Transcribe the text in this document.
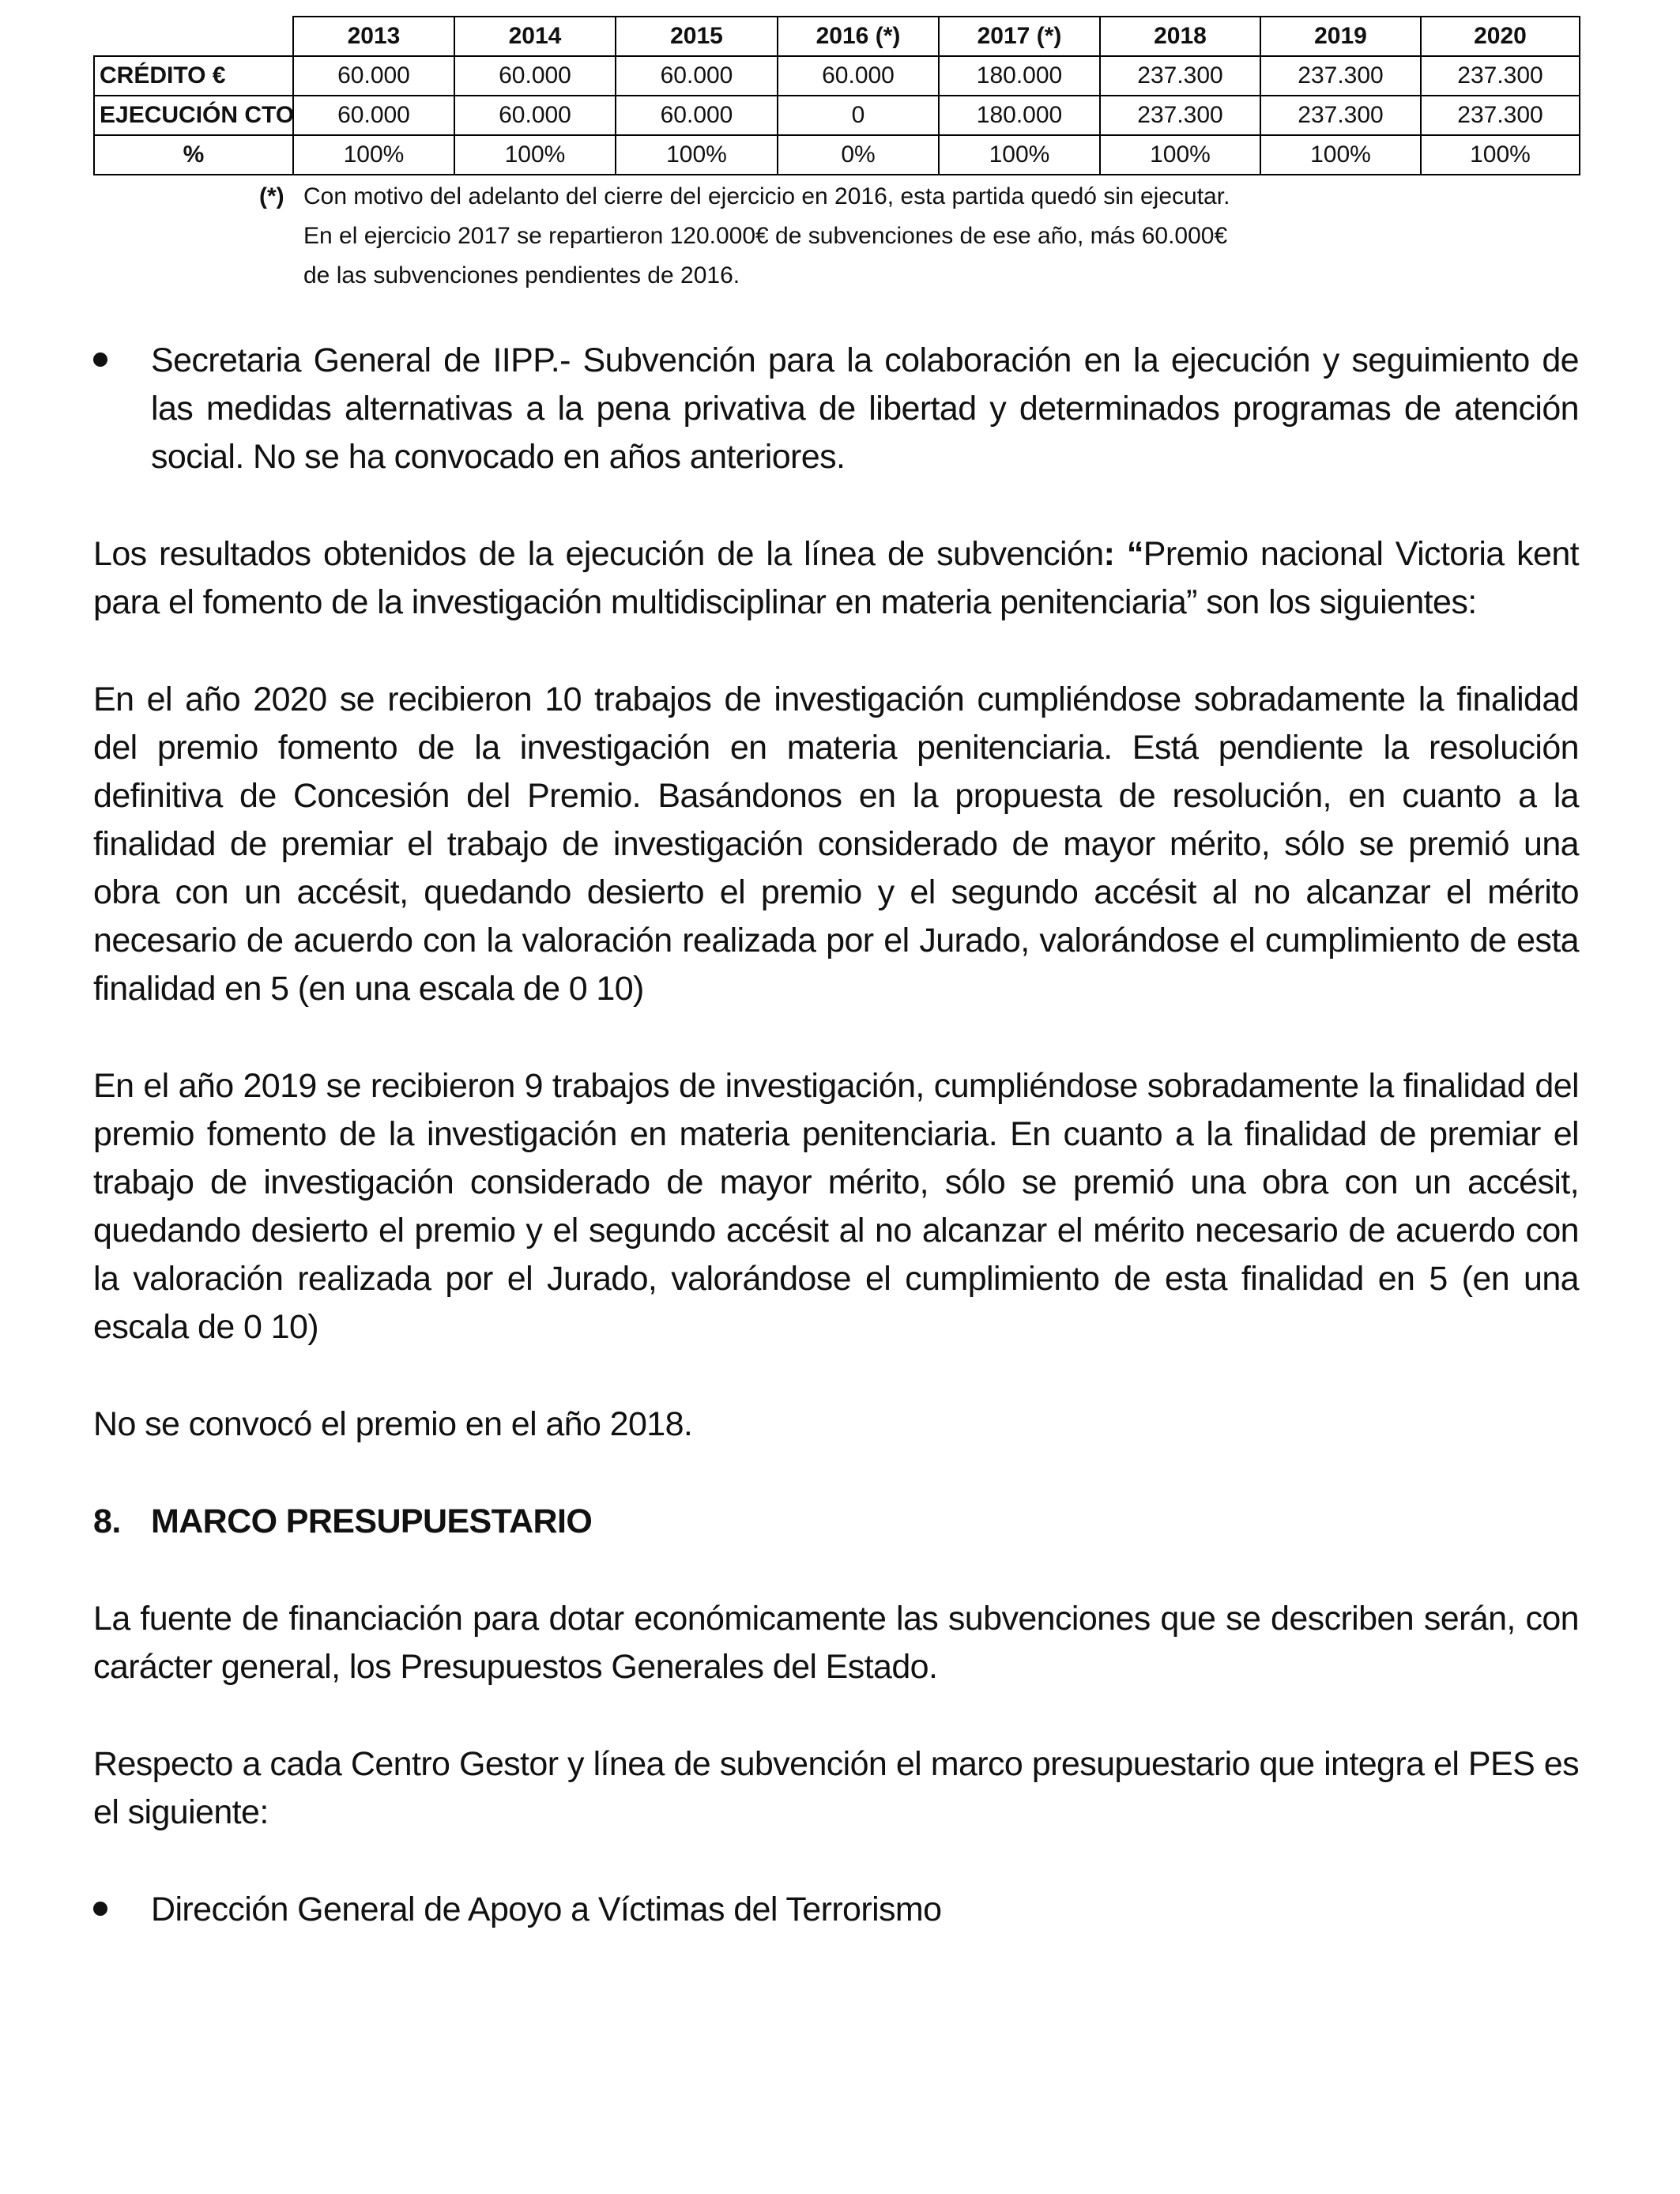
	2013	2014	2015	2016 (*)	2017 (*)	2018	2019	2020
CRÉDITO €	60.000	60.000	60.000	60.000	180.000	237.300	237.300	237.300
EJECUCIÓN CTO	60.000	60.000	60.000	0	180.000	237.300	237.300	237.300
%	100%	100%	100%	0%	100%	100%	100%	100%
(*) Con motivo del adelanto del cierre del ejercicio en 2016, esta partida quedó sin ejecutar.
En el ejercicio 2017 se repartieron 120.000€ de subvenciones de ese año, más 60.000€
de las subvenciones pendientes de 2016.

Secretaria General de IIPP.- Subvención para la colaboración en la ejecución y seguimiento de las medidas alternativas a la pena privativa de libertad y determinados programas de atención social. No se ha convocado en años anteriores.

Los resultados obtenidos de la ejecución de la línea de subvención: “Premio nacional Victoria kent para el fomento de la investigación multidisciplinar en materia penitenciaria” son los siguientes:

En el año 2020 se recibieron 10 trabajos de investigación cumpliéndose sobradamente la finalidad del premio fomento de la investigación en materia penitenciaria. Está pendiente la resolución definitiva de Concesión del Premio. Basándonos en la propuesta de resolución, en cuanto a la finalidad de premiar el trabajo de investigación considerado de mayor mérito, sólo se premió una obra con un accésit, quedando desierto el premio y el segundo accésit al no alcanzar el mérito necesario de acuerdo con la valoración realizada por el Jurado, valorándose el cumplimiento de esta finalidad en 5 (en una escala de 0 10)

En el año 2019 se recibieron 9 trabajos de investigación, cumpliéndose sobradamente la finalidad del premio fomento de la investigación en materia penitenciaria. En cuanto a la finalidad de premiar el trabajo de investigación considerado de mayor mérito, sólo se premió una obra con un accésit, quedando desierto el premio y el segundo accésit al no alcanzar el mérito necesario de acuerdo con la valoración realizada por el Jurado, valorándose el cumplimiento de esta finalidad en 5 (en una escala de 0 10)

No se convocó el premio en el año 2018.

8. MARCO PRESUPUESTARIO

La fuente de financiación para dotar económicamente las subvenciones que se describen serán, con carácter general, los Presupuestos Generales del Estado.

Respecto a cada Centro Gestor y línea de subvención el marco presupuestario que integra el PES es el siguiente:

Dirección General de Apoyo a Víctimas del Terrorismo
